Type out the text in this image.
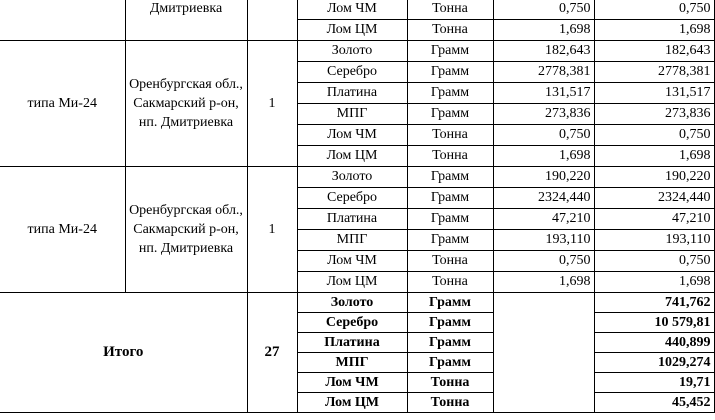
	Дмитриевка		Лом ЧМ	Тонна	0,750	0,750
			Лом ЦМ	Тонна	1,698	1,698
типа Ми-24	Оренбургская обл., Сакмарский р-он, нп. Дмитриевка	1	Золото	Грамм	182,643	182,643
			Серебро	Грамм	2778,381	2778,381
			Платина	Грамм	131,517	131,517
			МПГ	Грамм	273,836	273,836
			Лом ЧМ	Тонна	0,750	0,750
			Лом ЦМ	Тонна	1,698	1,698
типа Ми-24	Оренбургская обл., Сакмарский р-он, нп. Дмитриевка	1	Золото	Грамм	190,220	190,220
			Серебро	Грамм	2324,440	2324,440
			Платина	Грамм	47,210	47,210
			МПГ	Грамм	193,110	193,110
			Лом ЧМ	Тонна	0,750	0,750
			Лом ЦМ	Тонна	1,698	1,698
Итого		27	Золото	Грамм		741,762
			Серебро	Грамм		10 579,81
			Платина	Грамм		440,899
			МПГ	Грамм		1029,274
			Лом ЧМ	Тонна		19,71
			Лом ЦМ	Тонна		45,452
